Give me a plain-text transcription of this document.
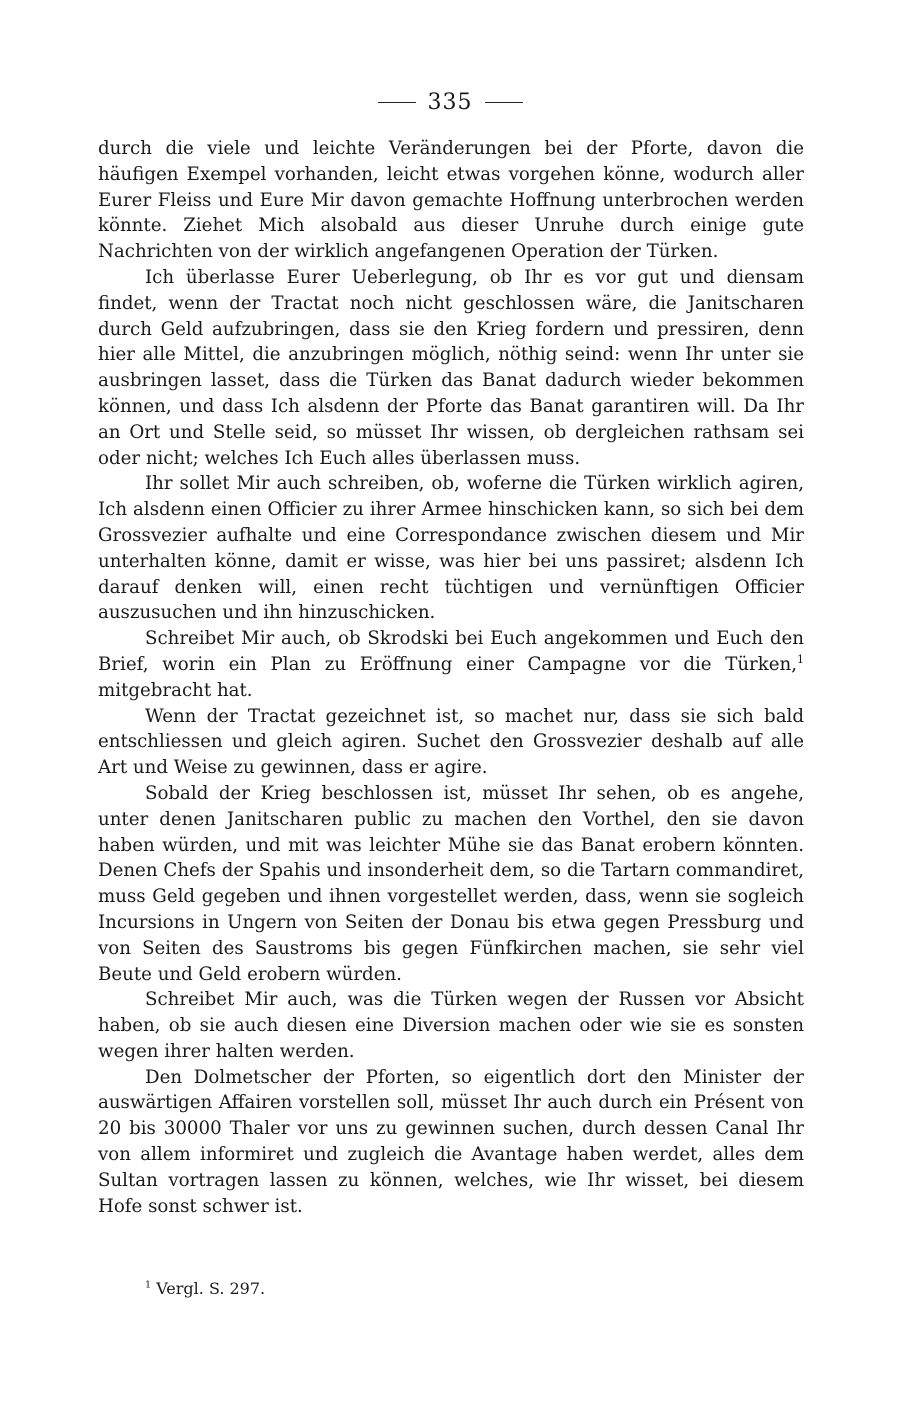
335

durch die viele und leichte Veränderungen bei der Pforte, davon die häufigen Exempel vorhanden, leicht etwas vorgehen könne, wodurch aller Eurer Fleiss und Eure Mir davon gemachte Hoffnung unterbrochen werden könnte. Ziehet Mich alsobald aus dieser Unruhe durch einige gute Nachrichten von der wirklich angefangenen Operation der Türken.

Ich überlasse Eurer Ueberlegung, ob Ihr es vor gut und diensam findet, wenn der Tractat noch nicht geschlossen wäre, die Janitscharen durch Geld aufzubringen, dass sie den Krieg fordern und pressiren, denn hier alle Mittel, die anzubringen möglich, nöthig seind: wenn Ihr unter sie ausbringen lasset, dass die Türken das Banat dadurch wieder bekommen können, und dass Ich alsdenn der Pforte das Banat garantiren will. Da Ihr an Ort und Stelle seid, so müsset Ihr wissen, ob dergleichen rathsam sei oder nicht; welches Ich Euch alles überlassen muss.

Ihr sollet Mir auch schreiben, ob, woferne die Türken wirklich agiren, Ich alsdenn einen Officier zu ihrer Armee hinschicken kann, so sich bei dem Grossvezier aufhalte und eine Correspondance zwischen diesem und Mir unterhalten könne, damit er wisse, was hier bei uns passiret; alsdenn Ich darauf denken will, einen recht tüchtigen und vernünftigen Officier auszusuchen und ihn hinzuschicken.

Schreibet Mir auch, ob Skrodski bei Euch angekommen und Euch den Brief, worin ein Plan zu Eröffnung einer Campagne vor die Türken,$^1$ mitgebracht hat.

Wenn der Tractat gezeichnet ist, so machet nur, dass sie sich bald entschliessen und gleich agiren. Suchet den Grossvezier deshalb auf alle Art und Weise zu gewinnen, dass er agire.

Sobald der Krieg beschlossen ist, müsset Ihr sehen, ob es angehe, unter denen Janitscharen public zu machen den Vorthel, den sie davon haben würden, und mit was leichter Mühe sie das Banat erobern könnten. Denen Chefs der Spahis und insonderheit dem, so die Tartarn commandiret, muss Geld gegeben und ihnen vorgestellet werden, dass, wenn sie sogleich Incursions in Ungern von Seiten der Donau bis etwa gegen Pressburg und von Seiten des Saustroms bis gegen Fünfkirchen machen, sie sehr viel Beute und Geld erobern würden.

Schreibet Mir auch, was die Türken wegen der Russen vor Absicht haben, ob sie auch diesen eine Diversion machen oder wie sie es sonsten wegen ihrer halten werden.

Den Dolmetscher der Pforten, so eigentlich dort den Minister der auswärtigen Affairen vorstellen soll, müsset Ihr auch durch ein Présent von 20 bis 30000 Thaler vor uns zu gewinnen suchen, durch dessen Canal Ihr von allem informiret und zugleich die Avantage haben werdet, alles dem Sultan vortragen lassen zu können, welches, wie Ihr wisset, bei diesem Hofe sonst schwer ist.

$^1$ Vergl. S. 297.
